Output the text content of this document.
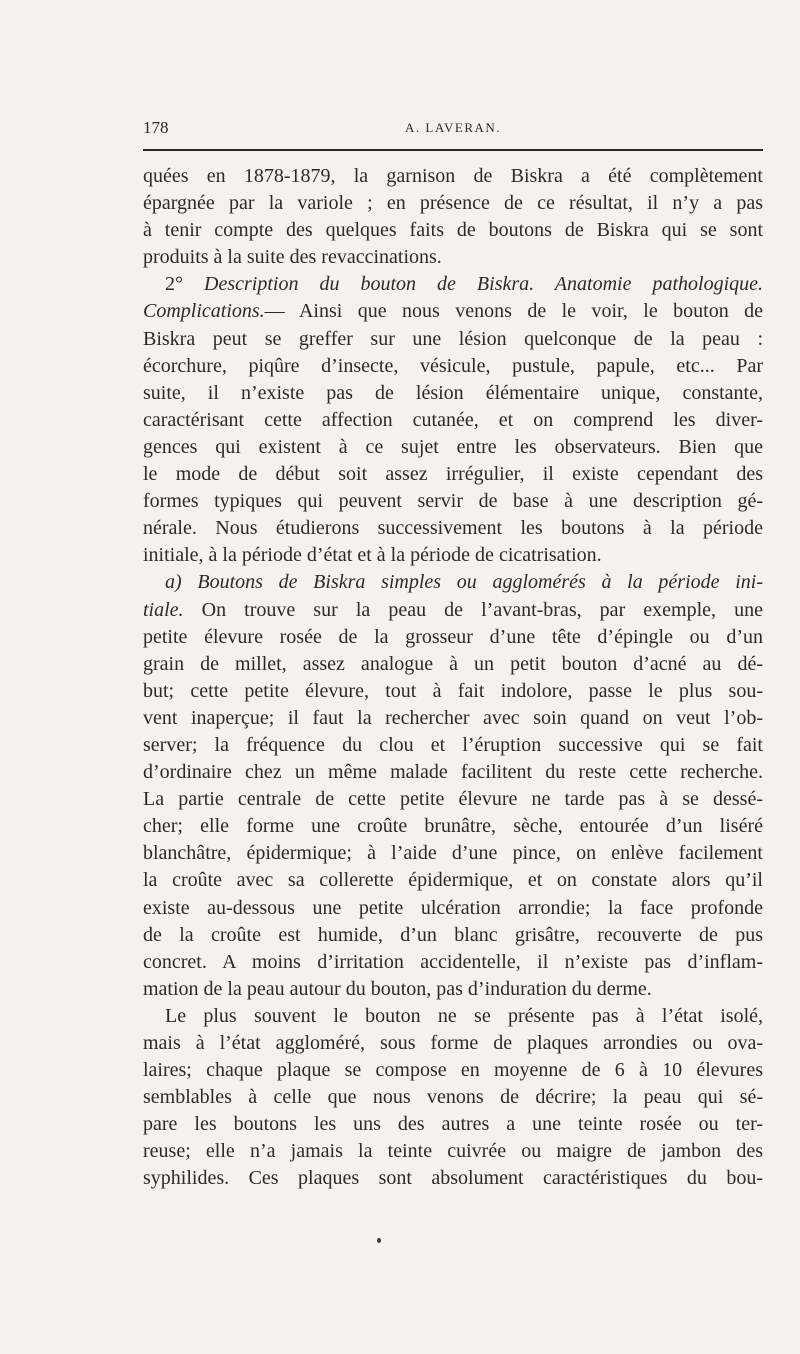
178	A. LAVERAN.
quées en 1878-1879, la garnison de Biskra a été complètement
épargnée par la variole ; en présence de ce résultat, il n’y a pas
à tenir compte des quelques faits de boutons de Biskra qui se sont
produits à la suite des revaccinations.
2° Description du bouton de Biskra. Anatomie pathologique.
Complications.— Ainsi que nous venons de le voir, le bouton de
Biskra peut se greffer sur une lésion quelconque de la peau :
écorchure, piqûre d’insecte, vésicule, pustule, papule, etc... Par
suite, il n’existe pas de lésion élémentaire unique, constante,
caractérisant cette affection cutanée, et on comprend les diver-
gences qui existent à ce sujet entre les observateurs. Bien que
le mode de début soit assez irrégulier, il existe cependant des
formes typiques qui peuvent servir de base à une description gé-
nérale. Nous étudierons successivement les boutons à la période
initiale, à la période d’état et à la période de cicatrisation.
a) Boutons de Biskra simples ou agglomérés à la période ini-
tiale. On trouve sur la peau de l’avant-bras, par exemple, une
petite élevure rosée de la grosseur d’une tête d’épingle ou d’un
grain de millet, assez analogue à un petit bouton d’acné au dé-
but; cette petite élevure, tout à fait indolore, passe le plus sou-
vent inaperçue; il faut la rechercher avec soin quand on veut l’ob-
server; la fréquence du clou et l’éruption successive qui se fait
d’ordinaire chez un même malade facilitent du reste cette recherche.
La partie centrale de cette petite élevure ne tarde pas à se dessé-
cher; elle forme une croûte brunâtre, sèche, entourée d’un liséré
blanchâtre, épidermique; à l’aide d’une pince, on enlève facilement
la croûte avec sa collerette épidermique, et on constate alors qu’il
existe au-dessous une petite ulcération arrondie; la face profonde
de la croûte est humide, d’un blanc grisâtre, recouverte de pus
concret. A moins d’irritation accidentelle, il n’existe pas d’inflam-
mation de la peau autour du bouton, pas d’induration du derme.
Le plus souvent le bouton ne se présente pas à l’état isolé,
mais à l’état aggloméré, sous forme de plaques arrondies ou ova-
laires; chaque plaque se compose en moyenne de 6 à 10 élevures
semblables à celle que nous venons de décrire; la peau qui sé-
pare les boutons les uns des autres a une teinte rosée ou ter-
reuse; elle n’a jamais la teinte cuivrée ou maigre de jambon des
syphilides. Ces plaques sont absolument caractéristiques du bou-
